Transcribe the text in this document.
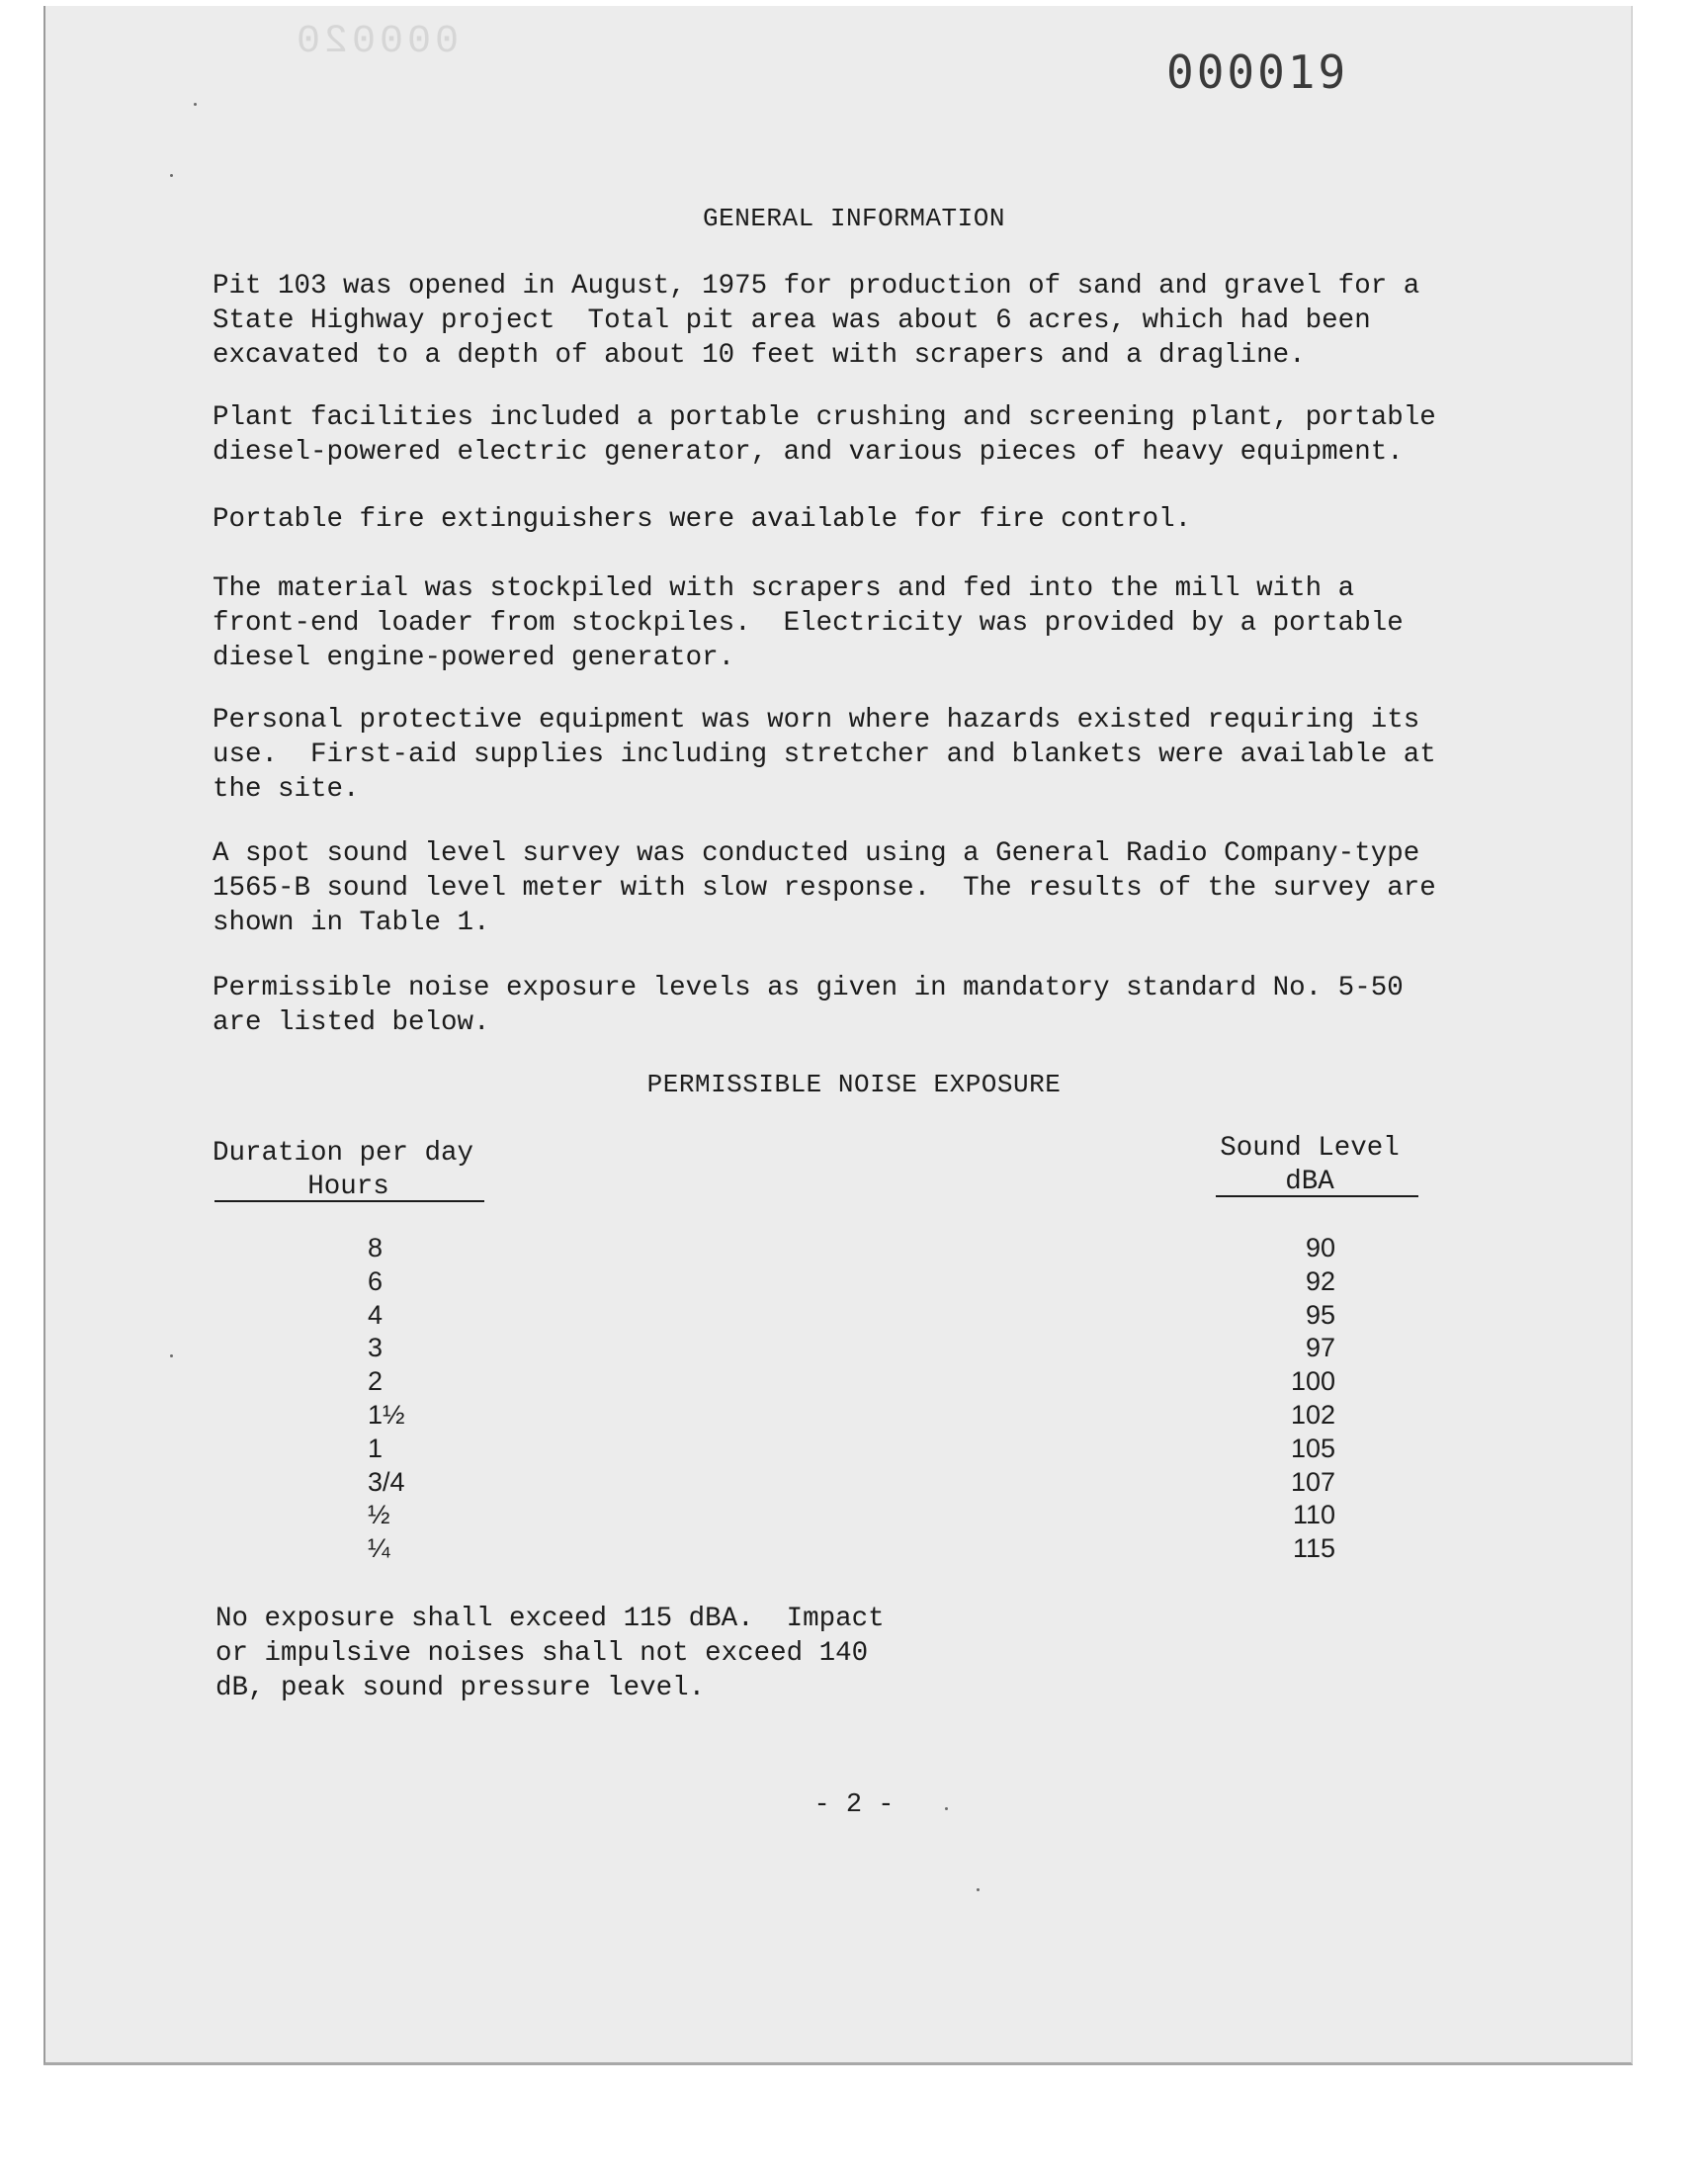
000020
000019
GENERAL INFORMATION

Pit 103 was opened in August, 1975 for production of sand and gravel for a
State Highway project  Total pit area was about 6 acres, which had been
excavated to a depth of about 10 feet with scrapers and a dragline.

Plant facilities included a portable crushing and screening plant, portable
diesel-powered electric generator, and various pieces of heavy equipment.

Portable fire extinguishers were available for fire control.

The material was stockpiled with scrapers and fed into the mill with a
front-end loader from stockpiles.  Electricity was provided by a portable
diesel engine-powered generator.

Personal protective equipment was worn where hazards existed requiring its
use.  First-aid supplies including stretcher and blankets were available at
the site.

A spot sound level survey was conducted using a General Radio Company-type
1565-B sound level meter with slow response.  The results of the survey are
shown in Table 1.

Permissible noise exposure levels as given in mandatory standard No. 5-50
are listed below.

PERMISSIBLE NOISE EXPOSURE
Duration per day
Hours
Sound Level
dBA
8	90
6	92
4	95
3	97
2	100
1½	102
1	105
3/4	107
½	110
¼	115

No exposure shall exceed 115 dBA.  Impact
or impulsive noises shall not exceed 140
dB, peak sound pressure level.

- 2 -
